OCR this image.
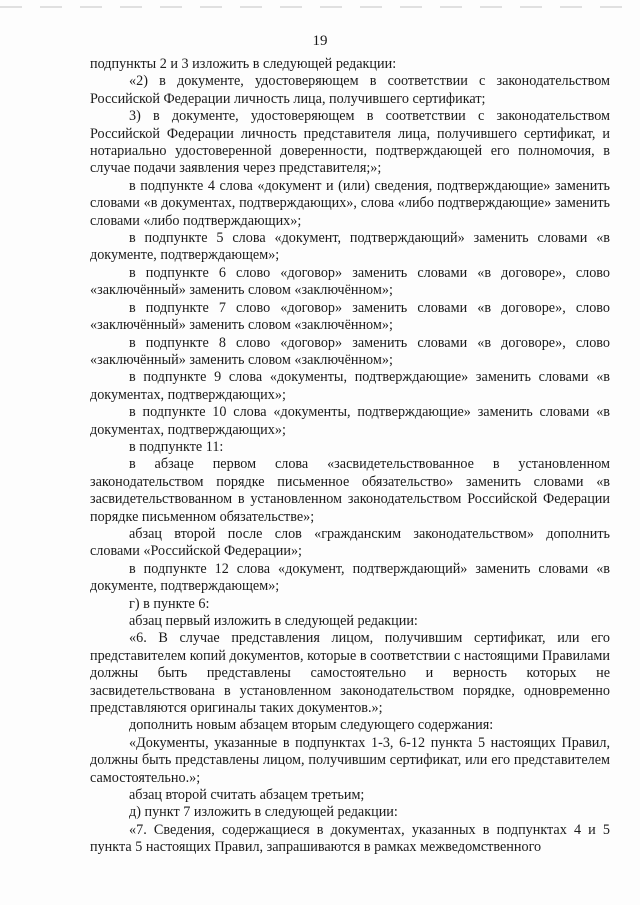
19

подпункты 2 и 3 изложить в следующей редакции:

«2) в документе, удостоверяющем в соответствии с законодательством Российской Федерации личность лица, получившего сертификат;

3) в документе, удостоверяющем в соответствии с законодательством Российской Федерации личность представителя лица, получившего сертификат, и нотариально удостоверенной доверенности, подтверждающей его полномочия, в случае подачи заявления через представителя;»;

в подпункте 4 слова «документ и (или) сведения, подтверждающие» заменить словами «в документах, подтверждающих», слова «либо подтверждающие» заменить словами «либо подтверждающих»;

в подпункте 5 слова «документ, подтверждающий» заменить словами «в документе, подтверждающем»;

в подпункте 6 слово «договор» заменить словами «в договоре», слово «заключённый» заменить словом «заключённом»;

в подпункте 7 слово «договор» заменить словами «в договоре», слово «заключённый» заменить словом «заключённом»;

в подпункте 8 слово «договор» заменить словами «в договоре», слово «заключённый» заменить словом «заключённом»;

в подпункте 9 слова «документы, подтверждающие» заменить словами «в документах, подтверждающих»;

в подпункте 10 слова «документы, подтверждающие» заменить словами «в документах, подтверждающих»;

в подпункте 11:

в абзаце первом слова «засвидетельствованное в установленном законодательством порядке письменное обязательство» заменить словами «в засвидетельствованном в установленном законодательством Российской Федерации порядке письменном обязательстве»;

абзац второй после слов «гражданским законодательством» дополнить словами «Российской Федерации»;

в подпункте 12 слова «документ, подтверждающий» заменить словами «в документе, подтверждающем»;

г) в пункте 6:

абзац первый изложить в следующей редакции:

«6. В случае представления лицом, получившим сертификат, или его представителем копий документов, которые в соответствии с настоящими Правилами должны быть представлены самостоятельно и верность которых не засвидетельствована в установленном законодательством порядке, одновременно представляются оригиналы таких документов.»;

дополнить новым абзацем вторым следующего содержания:

«Документы, указанные в подпунктах 1-3, 6-12 пункта 5 настоящих Правил, должны быть представлены лицом, получившим сертификат, или его представителем самостоятельно.»;

абзац второй считать абзацем третьим;

д) пункт 7 изложить в следующей редакции:

«7. Сведения, содержащиеся в документах, указанных в подпунктах 4 и 5 пункта 5 настоящих Правил, запрашиваются в рамках межведомственного
